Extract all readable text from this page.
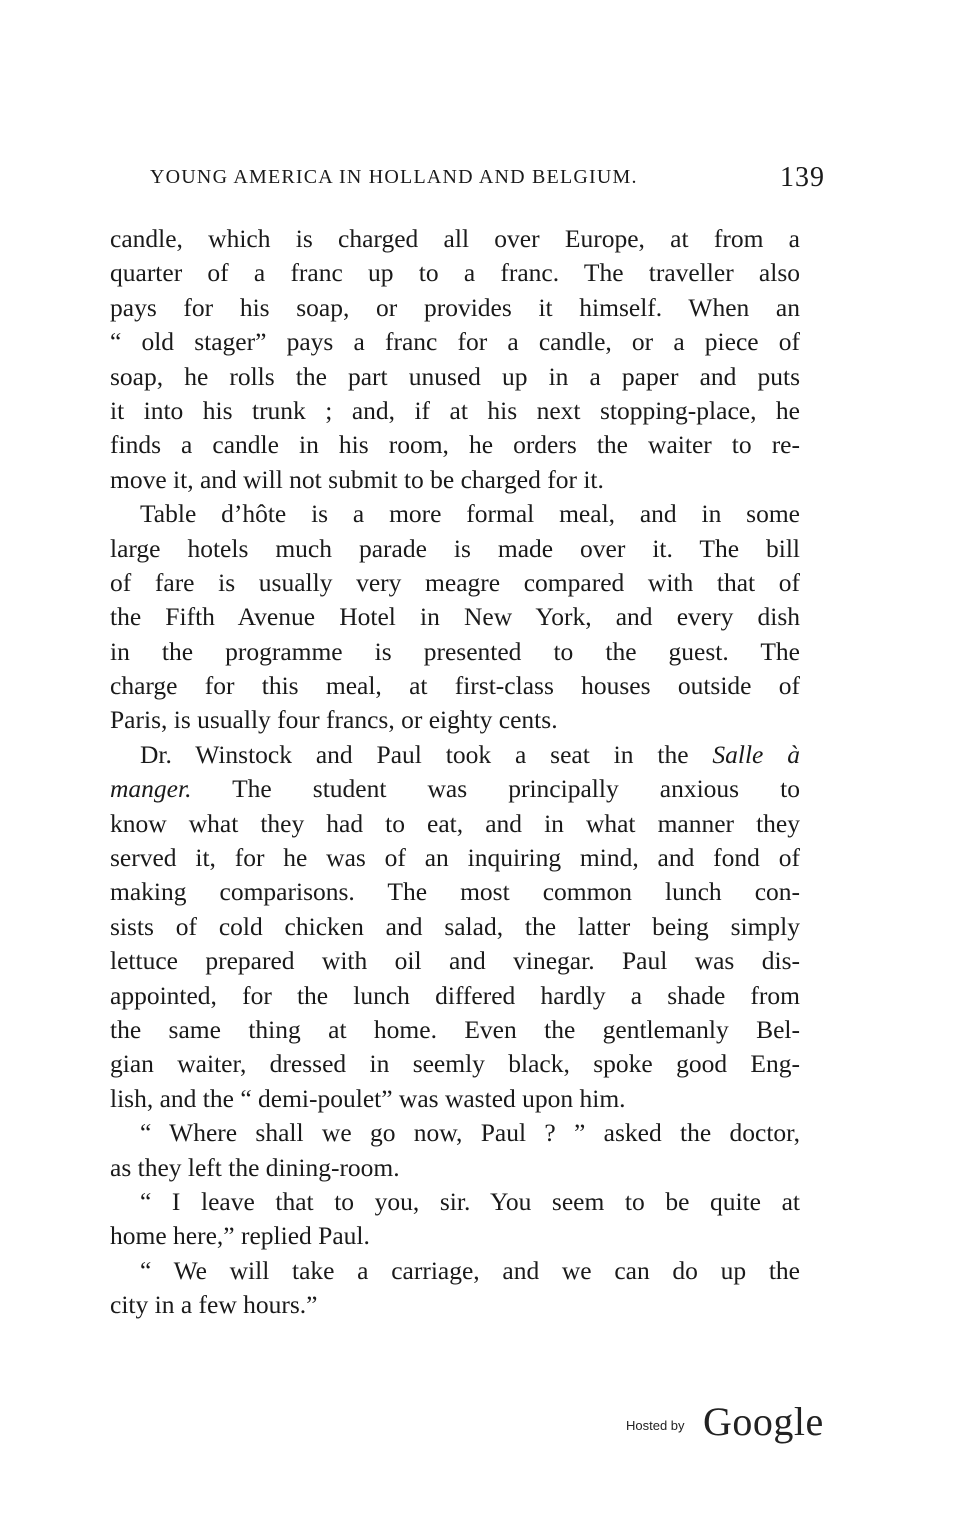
YOUNG AMERICA IN HOLLAND AND BELGIUM.	139
candle, which is charged all over Europe, at from a
quarter of a franc up to a franc. The traveller also
pays for his soap, or provides it himself. When an
“ old stager” pays a franc for a candle, or a piece of
soap, he rolls the part unused up in a paper and puts
it into his trunk ; and, if at his next stopping-place, he
finds a candle in his room, he orders the waiter to re-
move it, and will not submit to be charged for it.
Table d’hôte is a more formal meal, and in some
large hotels much parade is made over it. The bill
of fare is usually very meagre compared with that of
the Fifth Avenue Hotel in New York, and every dish
in the programme is presented to the guest. The
charge for this meal, at first-class houses outside of
Paris, is usually four francs, or eighty cents.
Dr. Winstock and Paul took a seat in the Salle à
manger. The student was principally anxious to
know what they had to eat, and in what manner they
served it, for he was of an inquiring mind, and fond of
making comparisons. The most common lunch con-
sists of cold chicken and salad, the latter being simply
lettuce prepared with oil and vinegar. Paul was dis-
appointed, for the lunch differed hardly a shade from
the same thing at home. Even the gentlemanly Bel-
gian waiter, dressed in seemly black, spoke good Eng-
lish, and the “ demi-poulet” was wasted upon him.
“ Where shall we go now, Paul ? ” asked the doctor,
as they left the dining-room.
“ I leave that to you, sir. You seem to be quite at
home here,” replied Paul.
“ We will take a carriage, and we can do up the
city in a few hours.”
Hosted by Google
